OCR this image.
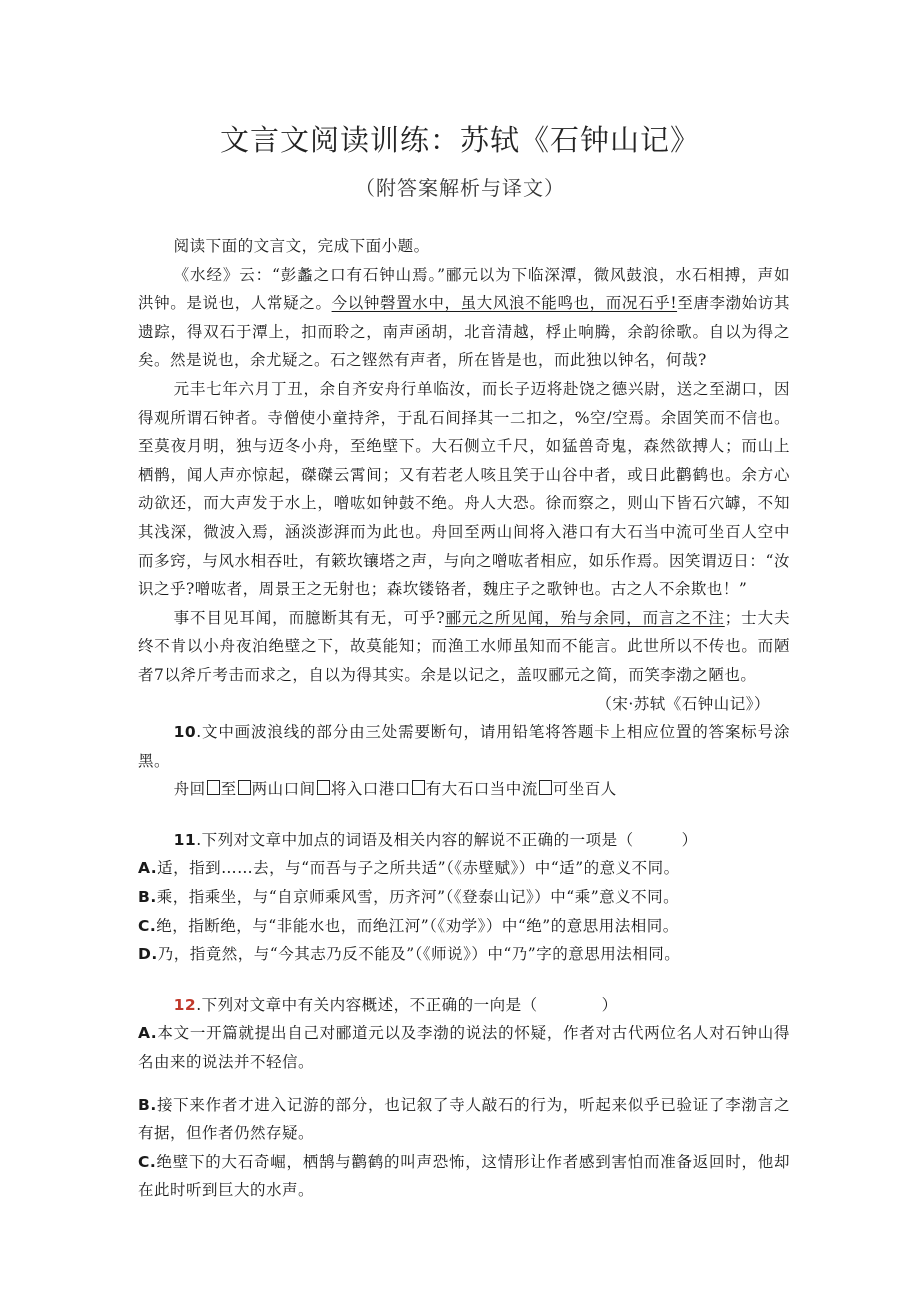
文言文阅读训练：苏轼《石钟山记》
（附答案解析与译文）

阅读下面的文言文，完成下面小题。

《水经》云：“彭蠡之口有石钟山焉。”郦元以为下临深潭，微风鼓浪，水石相搏，声如洪钟。是说也，人常疑之。今以钟磬置水中，虽大风浪不能鸣也，而况石乎!至唐李渤始访其遗踪，得双石于潭上，扣而聆之，南声函胡，北音清越，桴止响腾，余韵徐歌。自以为得之矣。然是说也，余尤疑之。石之铿然有声者，所在皆是也，而此独以钟名，何哉?

元丰七年六月丁丑，余自齐安舟行单临汝，而长子迈将赴饶之德兴尉，送之至湖口，因得观所谓石钟者。寺僧使小童持斧，于乱石间择其一二扣之，%空/空焉。余固笑而不信也。至莫夜月明，独与迈冬小舟，至绝壁下。大石侧立千尺，如猛兽奇鬼，森然欲搏人；而山上栖鹘，闻人声亦惊起，磔磔云霄间；又有若老人咳且笑于山谷中者，或日此鹳鹤也。余方心动欲还，而大声发于水上，噌吰如钟鼓不绝。舟人大恐。徐而察之，则山下皆石穴罅，不知其浅深，微波入焉，涵淡澎湃而为此也。舟回至两山间将入港口有大石当中流可坐百人空中而多窍，与风水相吞吐，有簌坎镶塔之声，与向之噌吰者相应，如乐作焉。因笑谓迈日：“汝识之乎?噌吰者，周景王之无射也；森坎镂铬者，魏庄子之歌钟也。古之人不余欺也！”

事不目见耳闻，而臆断其有无，可乎?郦元之所见闻，殆与余同，而言之不注；士大夫终不肯以小舟夜泊绝壁之下，故莫能知；而渔工水师虽知而不能言。此世所以不传也。而陋者7以斧斤考击而求之，自以为得其实。余是以记之，盖叹郦元之简，而笑李渤之陋也。

（宋·苏轼《石钟山记》）

10.文中画波浪线的部分由三处需要断句，请用铅笔将答题卡上相应位置的答案标号涂黑。

舟回 至 两山口间 将入口港口 有大石口当中流 可坐百人

11.下列对文章中加点的词语及相关内容的解说不正确的一项是（　　　）

A.适，指到……去，与“而吾与子之所共适”（《赤壁赋》）中“适”的意义不同。

B.乘，指乘坐，与“自京师乘风雪，历齐河”（《登泰山记》）中“乘”意义不同。

C.绝，指断绝，与“非能水也，而绝江河”（《劝学》）中“绝”的意思用法相同。

D.乃，指竟然，与“今其志乃反不能及”（《师说》）中“乃”字的意思用法相同。

12.下列对文章中有关内容概述，不正确的一向是（　　　　）

A.本文一开篇就提出自己对郦道元以及李渤的说法的怀疑，作者对古代两位名人对石钟山得名由来的说法并不轻信。

B.接下来作者才进入记游的部分，也记叙了寺人敲石的行为，听起来似乎已验证了李渤言之有据，但作者仍然存疑。

C.绝壁下的大石奇崛，栖鹄与鹳鹤的叫声恐怖，这情形让作者感到害怕而准备返回时，他却在此时听到巨大的水声。
